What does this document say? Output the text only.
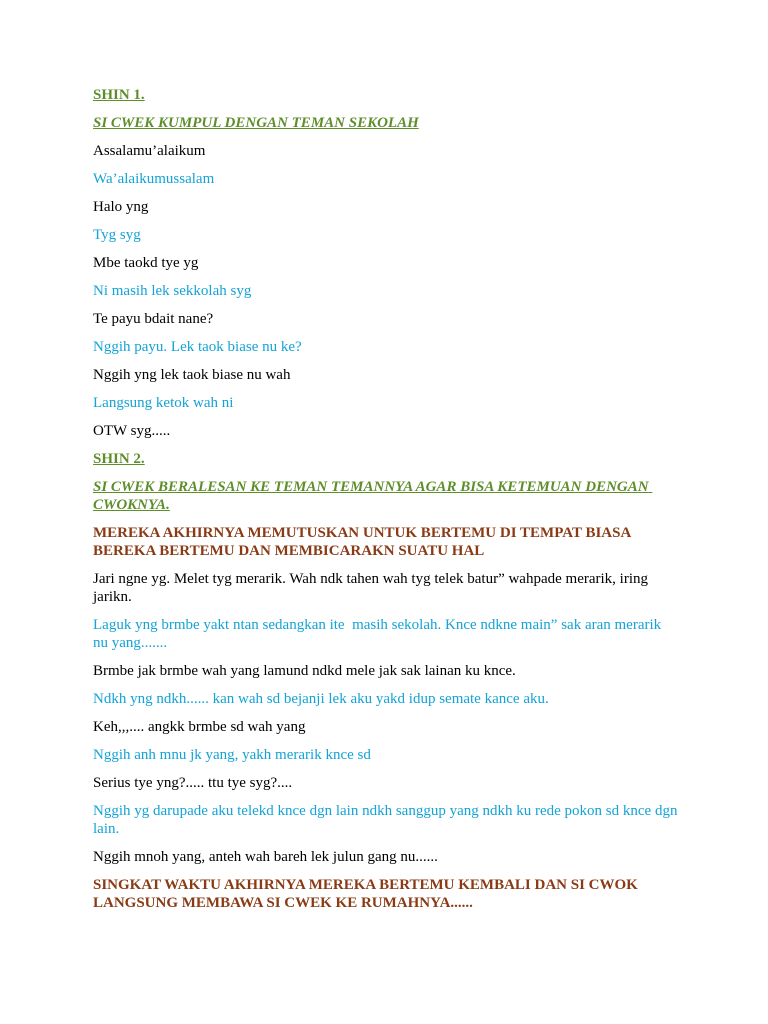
SHIN 1.

SI CWEK KUMPUL DENGAN TEMAN SEKOLAH

Assalamu’alaikum

Wa’alaikumussalam

Halo yng

Tyg syg

Mbe taokd tye yg

Ni masih lek sekkolah syg

Te payu bdait nane?

Nggih payu. Lek taok biase nu ke?

Nggih yng lek taok biase nu wah

Langsung ketok wah ni

OTW syg.....

SHIN 2.

SI CWEK BERALESAN KE TEMAN TEMANNYA AGAR BISA KETEMUAN DENGAN CWOKNYA.

MEREKA AKHIRNYA MEMUTUSKAN UNTUK BERTEMU DI TEMPAT BIASA BEREKA BERTEMU DAN MEMBICARAKN SUATU HAL

Jari ngne yg. Melet tyg merarik. Wah ndk tahen wah tyg telek batur” wahpade merarik, iring jarikn.

Laguk yng brmbe yakt ntan sedangkan ite  masih sekolah. Knce ndkne main” sak aran merarik nu yang.......

Brmbe jak brmbe wah yang lamund ndkd mele jak sak lainan ku knce.

Ndkh yng ndkh...... kan wah sd bejanji lek aku yakd idup semate kance aku.

Keh,,,.... angkk brmbe sd wah yang

Nggih anh mnu jk yang, yakh merarik knce sd

Serius tye yng?..... ttu tye syg?....

Nggih yg darupade aku telekd knce dgn lain ndkh sanggup yang ndkh ku rede pokon sd knce dgn lain.

Nggih mnoh yang, anteh wah bareh lek julun gang nu......

SINGKAT WAKTU AKHIRNYA MEREKA BERTEMU KEMBALI DAN SI CWOK LANGSUNG MEMBAWA SI CWEK KE RUMAHNYA......
